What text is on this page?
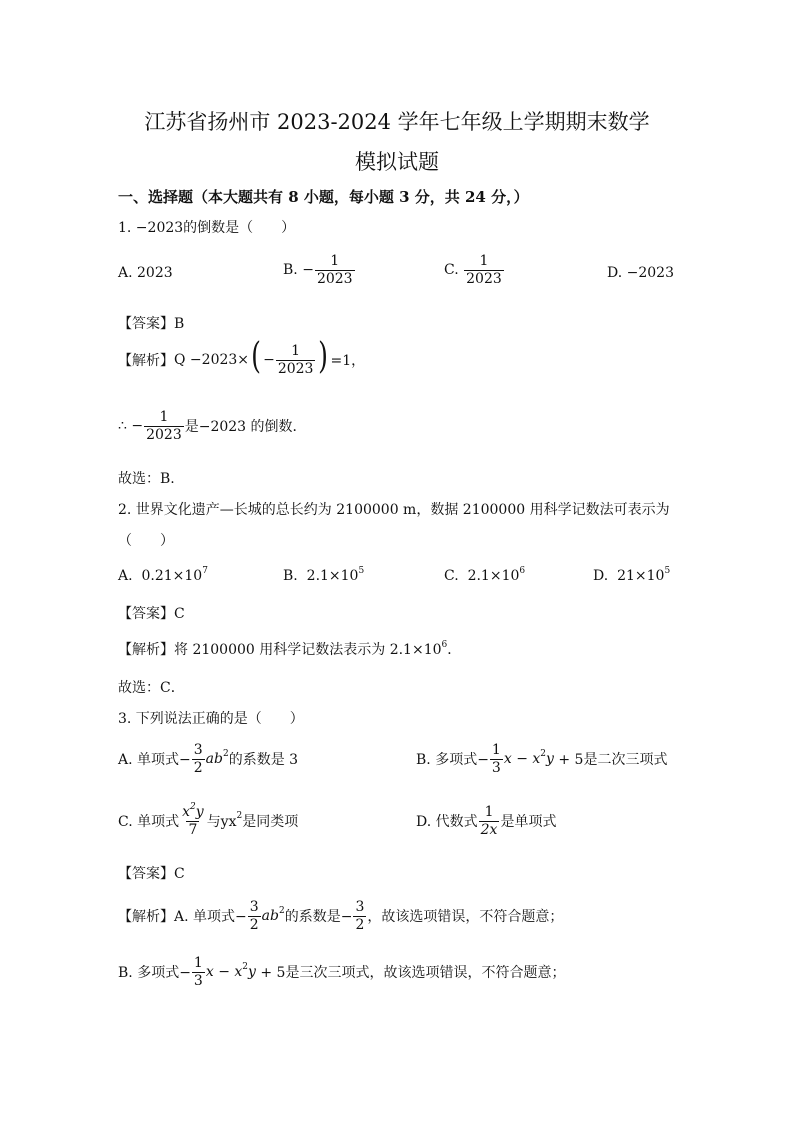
江苏省扬州市 2023-2024 学年七年级上学期期末数学
模拟试题
一、选择题（本大题共有 8 小题，每小题 3 分，共 24 分，）
1. −2023的倒数是（　　）
A. 2023	B. − $\frac{1}{2023}$	C. $\frac{1}{2023}$	D. −2023
【答案】B
【解析】$Q -2023\times( - \frac{1}{2023}$ ) =1，
∴ − $\frac{1}{2023}$ 是−2023 的倒数．
故选：B.
2. 世界文化遗产—长城的总长约为 2100000 m，数据 2100000 用科学记数法可表示为
（　　）
A. $0.21\times 10^7$	B. $2.1\times 10^5$	C. $2.1\times 10^6$	D. $21\times 10^5$
【答案】C
【解析】将 2100000 用科学记数法表示为 $2.1\times 10^6$．
故选：C．
3. 下列说法正确的是（　　）
A. 单项式− $\frac{3}{2} ab^2$的系数是 3	B. 多项式− $\frac{1}{3}$ $x - x^2y + 5$是二次三项式
C. 单项式 $\frac{x^2y}{7}$ 与$yx^2$是同类项	D. 代数式 $\frac{1}{2x}$ 是单项式
【答案】C
【解析】A. 单项式− $\frac{3}{2} ab^2$的系数是− $\frac{3}{2}$ ，故该选项错误，不符合题意；
B. 多项式− $\frac{1}{3}$ $x - x^2y + 5$是三次三项式，故该选项错误，不符合题意；
